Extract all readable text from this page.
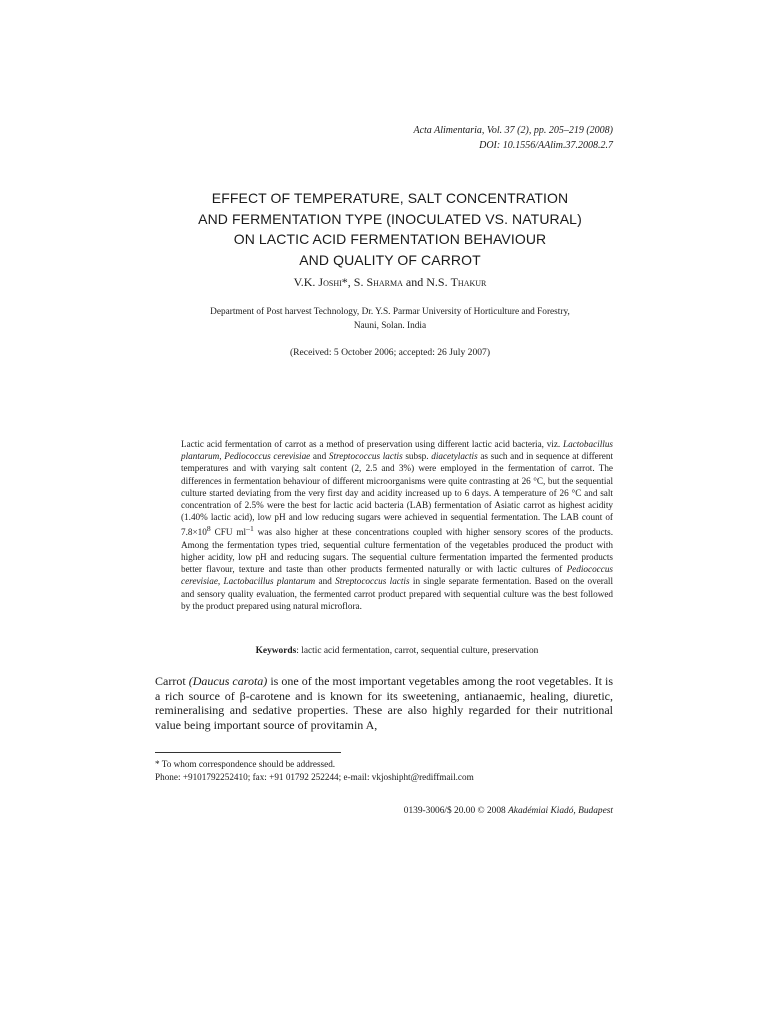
Acta Alimentaria, Vol. 37 (2), pp. 205–219 (2008)
DOI: 10.1556/AAlim.37.2008.2.7
EFFECT OF TEMPERATURE, SALT CONCENTRATION
AND FERMENTATION TYPE (INOCULATED VS. NATURAL)
ON LACTIC ACID FERMENTATION BEHAVIOUR
AND QUALITY OF CARROT
V.K. Joshi*, S. Sharma and N.S. Thakur
Department of Post harvest Technology, Dr. Y.S. Parmar University of Horticulture and Forestry,
Nauni, Solan. India
(Received: 5 October 2006; accepted: 26 July 2007)
Lactic acid fermentation of carrot as a method of preservation using different lactic acid bacteria, viz. Lactobacillus plantarum, Pediococcus cerevisiae and Streptococcus lactis subsp. diacetylactis as such and in sequence at different temperatures and with varying salt content (2, 2.5 and 3%) were employed in the fermentation of carrot. The differences in fermentation behaviour of different microorganisms were quite contrasting at 26 °C, but the sequential culture started deviating from the very first day and acidity increased up to 6 days. A temperature of 26 °C and salt concentration of 2.5% were the best for lactic acid bacteria (LAB) fermentation of Asiatic carrot as highest acidity (1.40% lactic acid), low pH and low reducing sugars were achieved in sequential fermentation. The LAB count of $7.8\times 10^8$ CFU $ml^{-1}$ was also higher at these concentrations coupled with higher sensory scores of the products. Among the fermentation types tried, sequential culture fermentation of the vegetables produced the product with higher acidity, low pH and reducing sugars. The sequential culture fermentation imparted the fermented products better flavour, texture and taste than other products fermented naturally or with lactic cultures of Pediococcus cerevisiae, Lactobacillus plantarum and Streptococcus lactis in single separate fermentation. Based on the overall and sensory quality evaluation, the fermented carrot product prepared with sequential culture was the best followed by the product prepared using natural microflora.
Keywords: lactic acid fermentation, carrot, sequential culture, preservation
Carrot (Daucus carota) is one of the most important vegetables among the root vegetables. It is a rich source of β-carotene and is known for its sweetening, antianaemic, healing, diuretic, remineralising and sedative properties. These are also highly regarded for their nutritional value being important source of provitamin A,
* To whom correspondence should be addressed.
Phone: +9101792252410; fax: +91 01792 252244; e-mail: vkjoshipht@rediffmail.com
0139-3006/$ 20.00 © 2008 Akadémiai Kiadó, Budapest
